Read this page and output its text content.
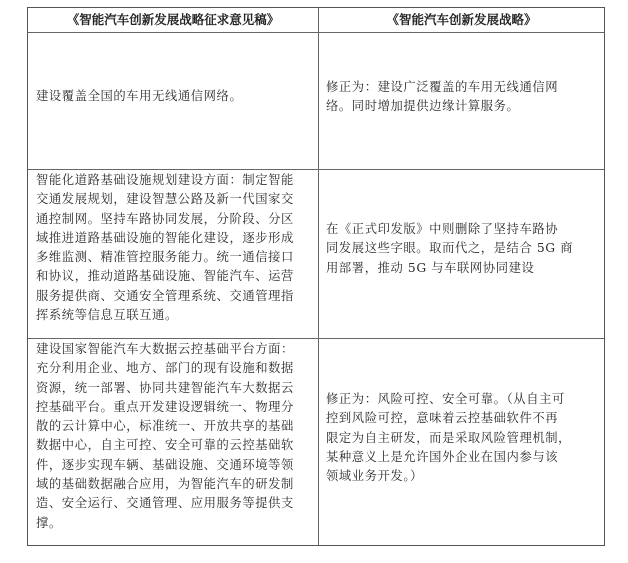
《智能汽车创新发展战略征求意见稿》	《智能汽车创新发展战略》
建设覆盖全国的车用无线通信网络。
修正为：建设广泛覆盖的车用无线通信网
络。同时增加提供边缘计算服务。
智能化道路基础设施规划建设方面：制定智能
交通发展规划，建设智慧公路及新一代国家交
通控制网。坚持车路协同发展，分阶段、分区
域推进道路基础设施的智能化建设，逐步形成
多维监测、精准管控服务能力。统一通信接口
和协议，推动道路基础设施、智能汽车、运营
服务提供商、交通安全管理系统、交通管理指
挥系统等信息互联互通。
在《正式印发版》中则删除了坚持车路协
同发展这些字眼。取而代之，是结合 5G 商
用部署，推动 5G 与车联网协同建设
建设国家智能汽车大数据云控基础平台方面：
充分利用企业、地方、部门的现有设施和数据
资源，统一部署、协同共建智能汽车大数据云
控基础平台。重点开发建设逻辑统一、物理分
散的云计算中心，标准统一、开放共享的基础
数据中心，自主可控、安全可靠的云控基础软
件，逐步实现车辆、基础设施、交通环境等领
域的基础数据融合应用，为智能汽车的研发制
造、安全运行、交通管理、应用服务等提供支
撑。
修正为：风险可控、安全可靠。（从自主可
控到风险可控，意味着云控基础软件不再
限定为自主研发，而是采取风险管理机制，
某种意义上是允许国外企业在国内参与该
领域业务开发。）
